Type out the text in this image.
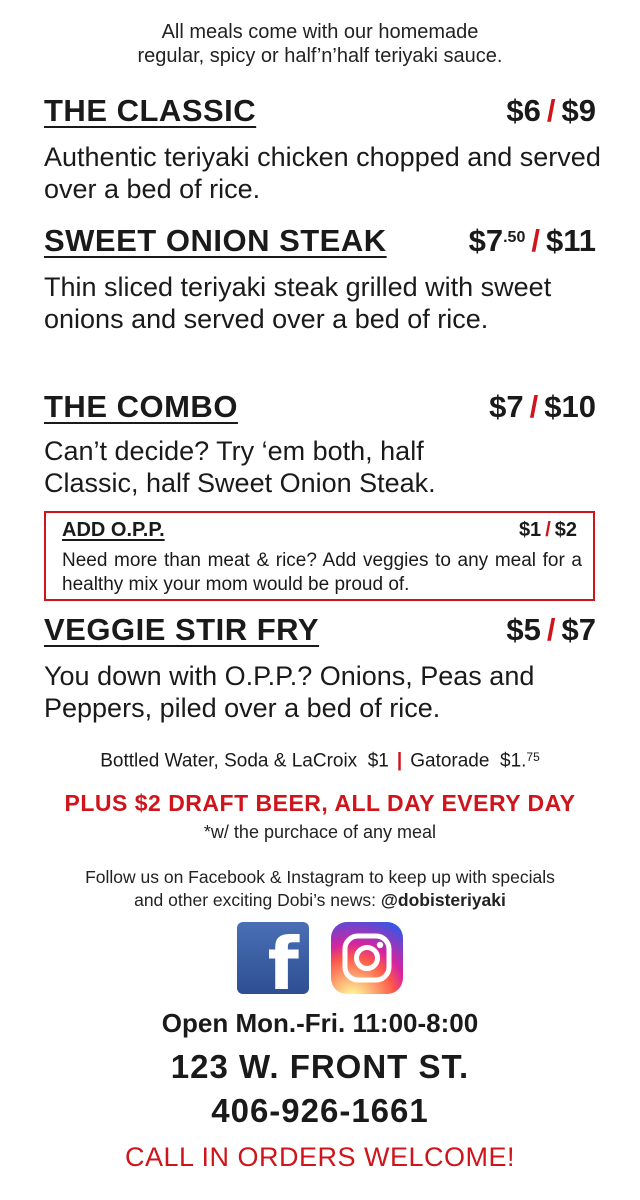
All meals come with our homemade
regular, spicy or half’n’half teriyaki sauce.
THE CLASSIC	$6 / $9
Authentic teriyaki chicken chopped and served over a bed of rice.
SWEET ONION STEAK	$\$7^{.50}$ / $11
Thin sliced teriyaki steak grilled with sweet onions and served over a bed of rice.
THE COMBO	$7 / $10
Can’t decide? Try ‘em both, half Classic, half Sweet Onion Steak.
ADD O.P.P.	$1 / $2
Need more than meat & rice? Add veggies to any meal for a healthy mix your mom would be proud of.
VEGGIE STIR FRY	$5 / $7
You down with O.P.P.? Onions, Peas and Peppers, piled over a bed of rice.
Bottled Water, Soda & LaCroix  $1 | Gatorade  $1.75
PLUS $2 DRAFT BEER, ALL DAY EVERY DAY
*w/ the purchace of any meal
Follow us on Facebook & Instagram to keep up with specials
and other exciting Dobi’s news: @dobisteriyaki
f
Open Mon.-Fri. 11:00-8:00
123 W. FRONT ST.
406-926-1661
CALL IN ORDERS WELCOME!
